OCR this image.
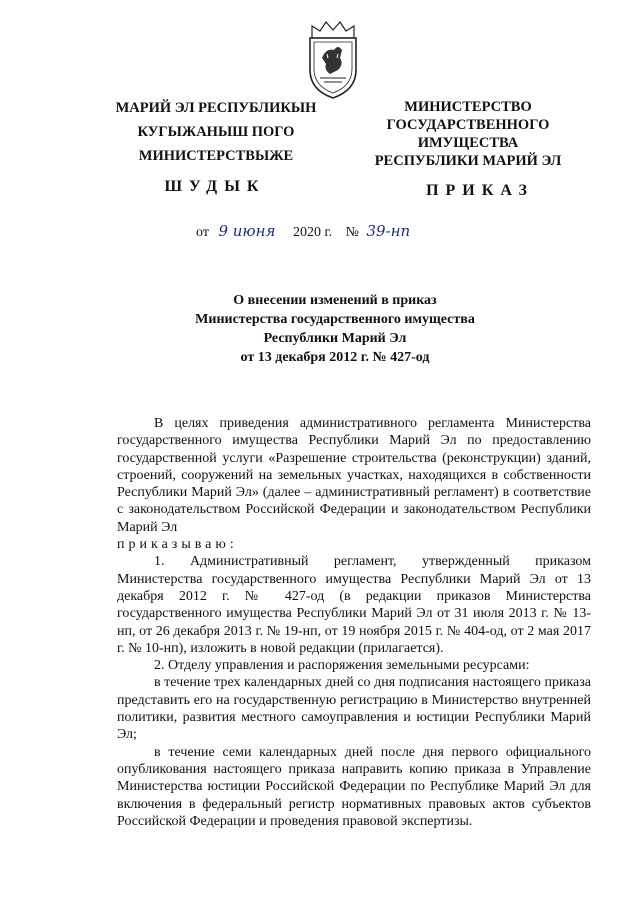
МАРИЙ ЭЛ РЕСПУБЛИКЫН
КУГЫЖАНЫШ ПОГО
МИНИСТЕРСТВЫЖЕ
МИНИСТЕРСТВО
ГОСУДАРСТВЕННОГО
ИМУЩЕСТВА
РЕСПУБЛИКИ МАРИЙ ЭЛ
ШУДЫК	ПРИКАЗ
от 9 июня 2020 г. № 39-нп
О внесении изменений в приказ
Министерства государственного имущества
Республики Марий Эл
от 13 декабря 2012 г. № 427-од

В целях приведения административного регламента Министерства государственного имущества Республики Марий Эл по предоставлению государственной услуги «Разрешение строительства (реконструкции) зданий, строений, сооружений на земельных участках, находящихся в собственности Республики Марий Эл» (далее – административный регламент) в соответствие с законодательством Российской Федерации и законодательством Республики Марий Эл

приказываю:

1. Административный регламент, утвержденный приказом Министерства государственного имущества Республики Марий Эл от 13 декабря 2012 г. № 427-од (в редакции приказов Министерства государственного имущества Республики Марий Эл от 31 июля 2013 г. № 13-нп, от 26 декабря 2013 г. № 19-нп, от 19 ноября 2015 г. № 404-од, от 2 мая 2017 г. № 10-нп), изложить в новой редакции (прилагается).

2. Отделу управления и распоряжения земельными ресурсами:

в течение трех календарных дней со дня подписания настоящего приказа представить его на государственную регистрацию в Министерство внутренней политики, развития местного самоуправления и юстиции Республики Марий Эл;

в течение семи календарных дней после дня первого официального опубликования настоящего приказа направить копию приказа в Управление Министерства юстиции Российской Федерации по Республике Марий Эл для включения в федеральный регистр нормативных правовых актов субъектов Российской Федерации и проведения правовой экспертизы.
